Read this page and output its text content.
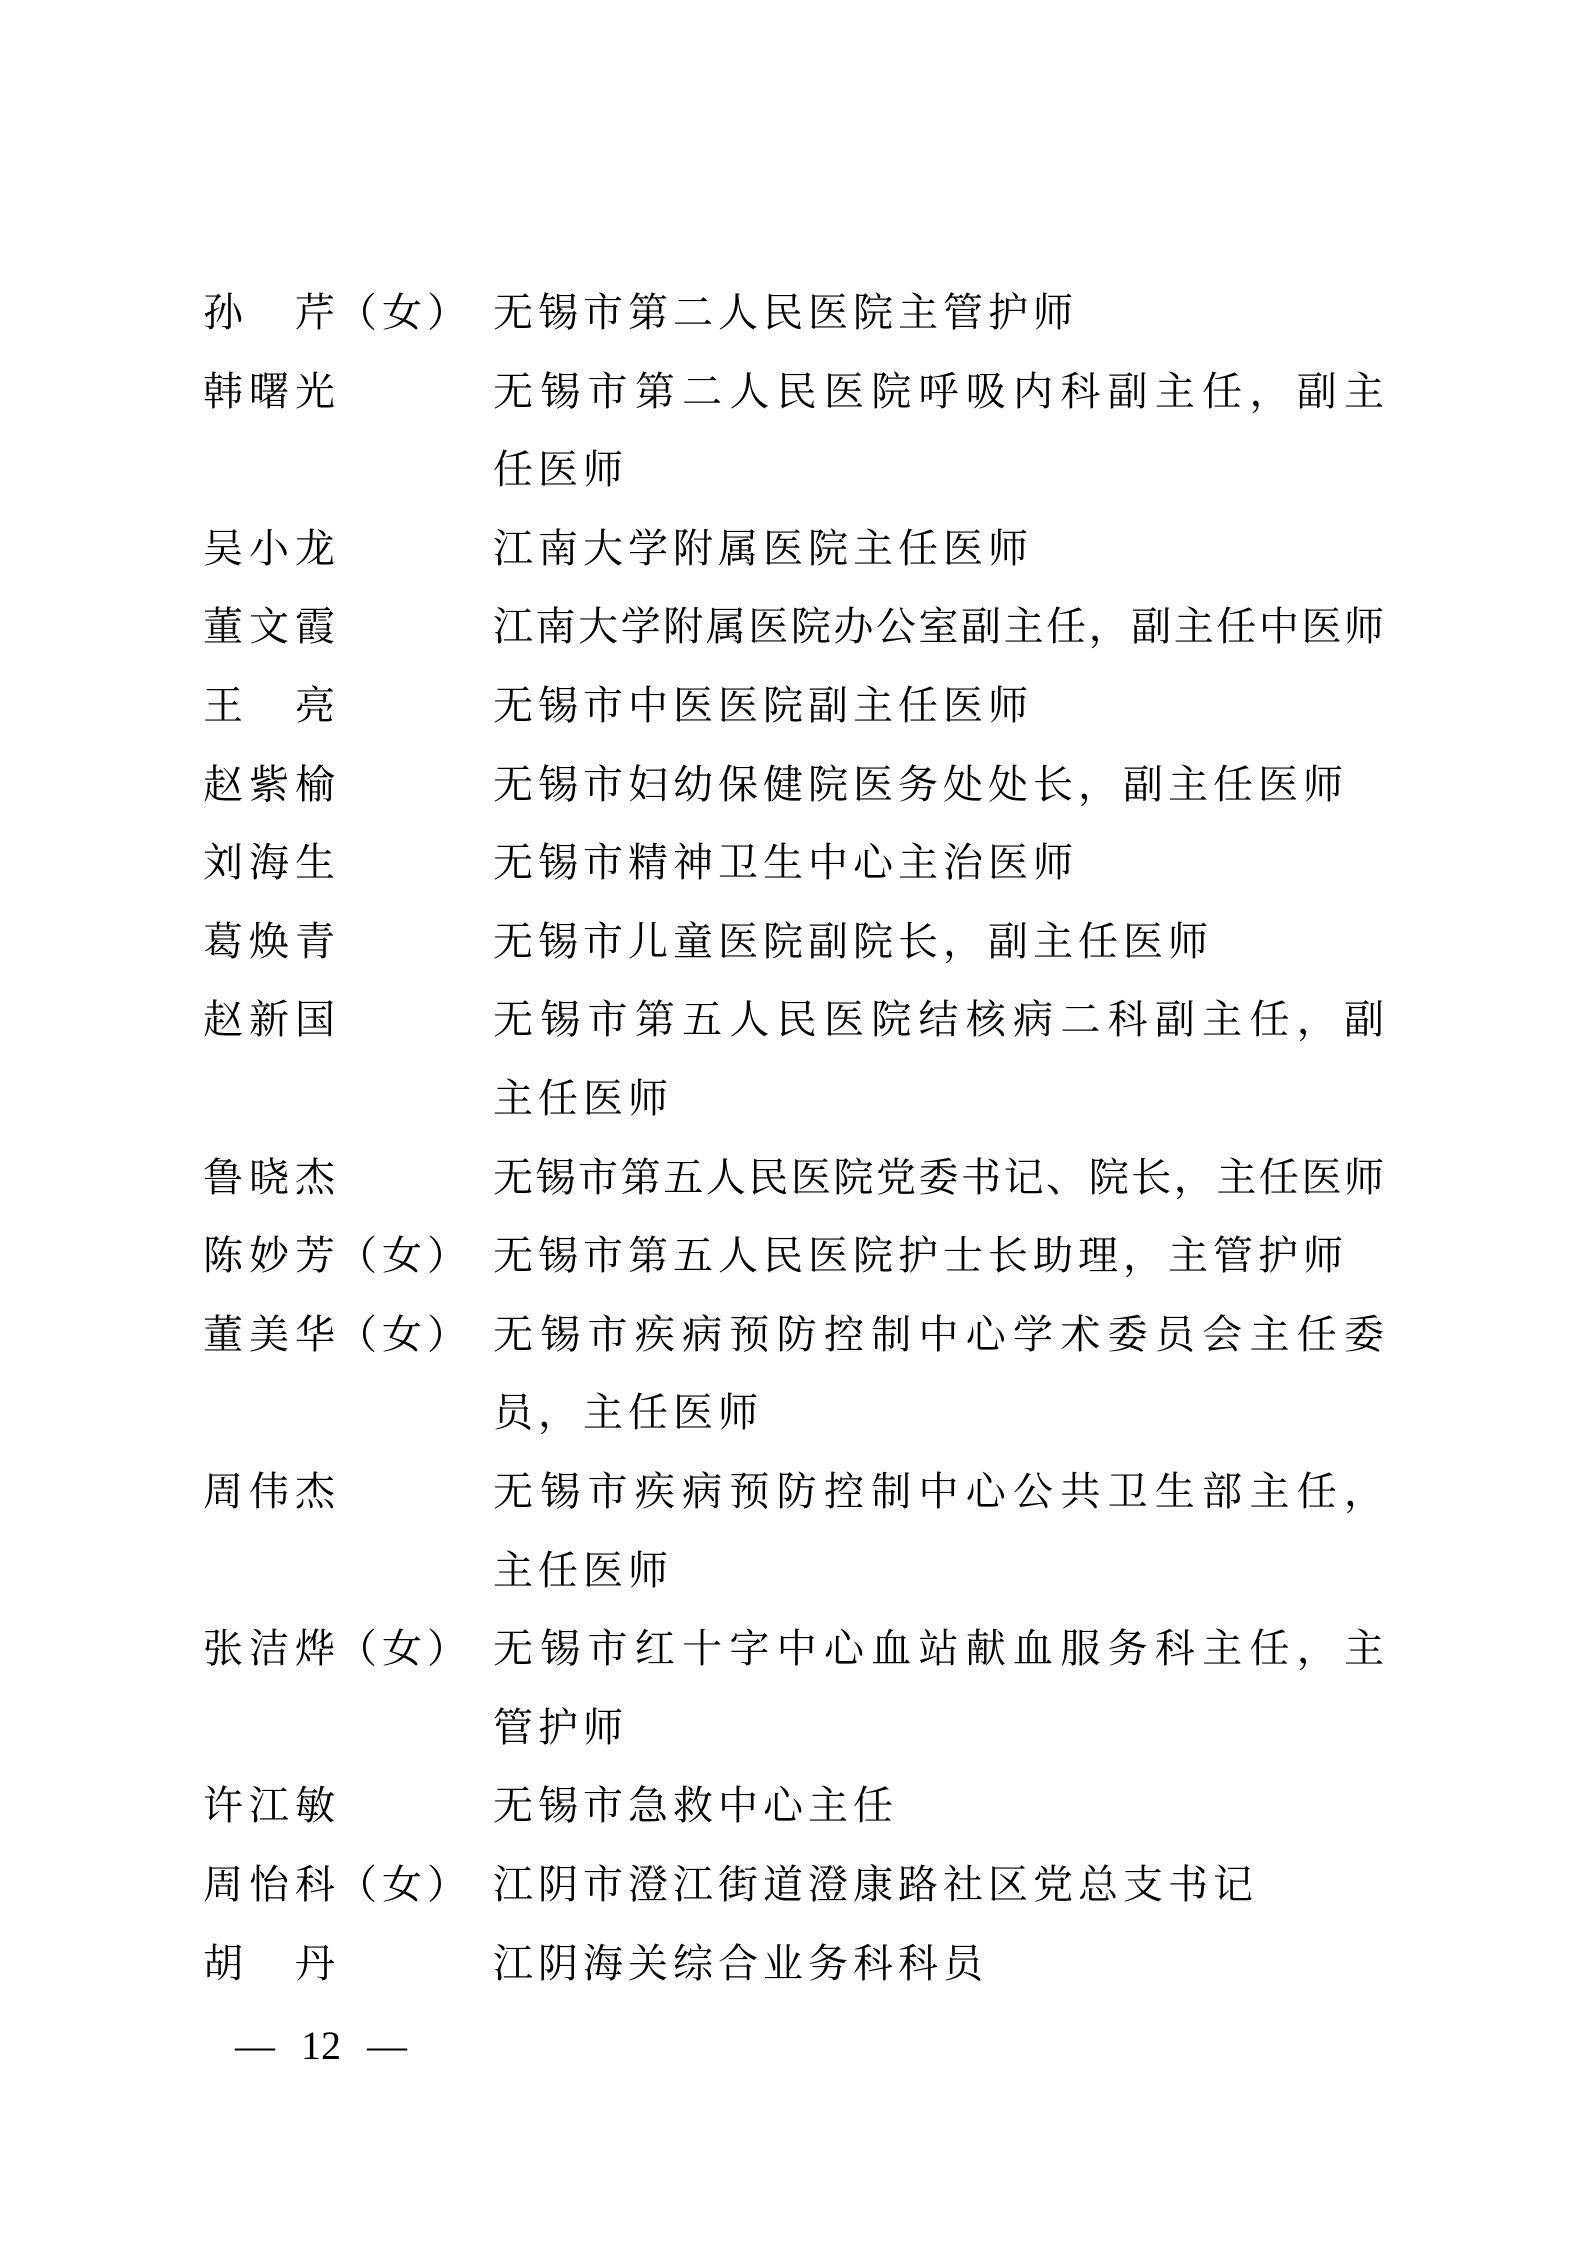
孙　芹 （女） 无锡市第二人民医院主管护师
韩曙光	无锡市第二人民医院呼吸内科副主任，副主
任医师
吴小龙	江南大学附属医院主任医师
董文霞	江南大学附属医院办公室副主任，副主任中医师
王　亮	无锡市中医医院副主任医师
赵紫榆	无锡市妇幼保健院医务处处长，副主任医师
刘海生	无锡市精神卫生中心主治医师
葛焕青	无锡市儿童医院副院长，副主任医师
赵新国	无锡市第五人民医院结核病二科副主任，副
主任医师
鲁晓杰	无锡市第五人民医院党委书记、院长，主任医师
陈妙芳 （女） 无锡市第五人民医院护士长助理，主管护师
董美华 （女） 无锡市疾病预防控制中心学术委员会主任委
员，主任医师
周伟杰	无锡市疾病预防控制中心公共卫生部主任，
主任医师
张洁烨 （女） 无锡市红十字中心血站献血服务科主任，主
管护师
许江敏	无锡市急救中心主任
周怡科 （女） 江阴市澄江街道澄康路社区党总支书记
胡　丹	江阴海关综合业务科科员
— 12 —
